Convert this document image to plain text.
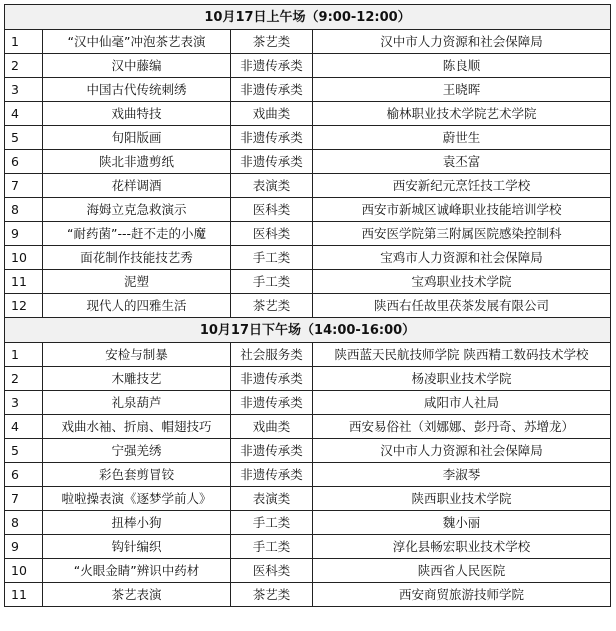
10月17日上午场（9:00-12:00）			
1	“汉中仙毫”冲泡茶艺表演	茶艺类	汉中市人力资源和社会保障局
2	汉中藤编	非遗传承类	陈良顺
3	中国古代传统刺绣	非遗传承类	王晓晖
4	戏曲特技	戏曲类	榆林职业技术学院艺术学院
5	旬阳版画	非遗传承类	蔚世生
6	陕北非遗剪纸	非遗传承类	袁丕富
7	花样调酒	表演类	西安新纪元烹饪技工学校
8	海姆立克急救演示	医科类	西安市新城区诚峰职业技能培训学校
9	“耐药菌”---赶不走的小魔	医科类	西安医学院第三附属医院感染控制科
10	面花制作技能技艺秀	手工类	宝鸡市人力资源和社会保障局
11	泥塑	手工类	宝鸡职业技术学院
12	现代人的四雅生活	茶艺类	陕西右任故里茯茶发展有限公司
10月17日下午场（14:00-16:00）			
1	安检与制暴	社会服务类	陕西蓝天民航技师学院 陕西精工数码技术学校
2	木雕技艺	非遗传承类	杨凌职业技术学院
3	礼泉葫芦	非遗传承类	咸阳市人社局
4	戏曲水袖、折扇、帽翅技巧	戏曲类	西安易俗社（刘娜娜、彭丹奇、苏增龙）
5	宁强羌绣	非遗传承类	汉中市人力资源和社会保障局
6	彩色套剪冒铰	非遗传承类	李淑琴
7	啦啦操表演《逐梦学前人》	表演类	陕西职业技术学院
8	扭棒小狗	手工类	魏小丽
9	钩针编织	手工类	淳化县畅宏职业技术学校
10	“火眼金睛”辨识中药材	医科类	陕西省人民医院
11	茶艺表演	茶艺类	西安商贸旅游技师学院
